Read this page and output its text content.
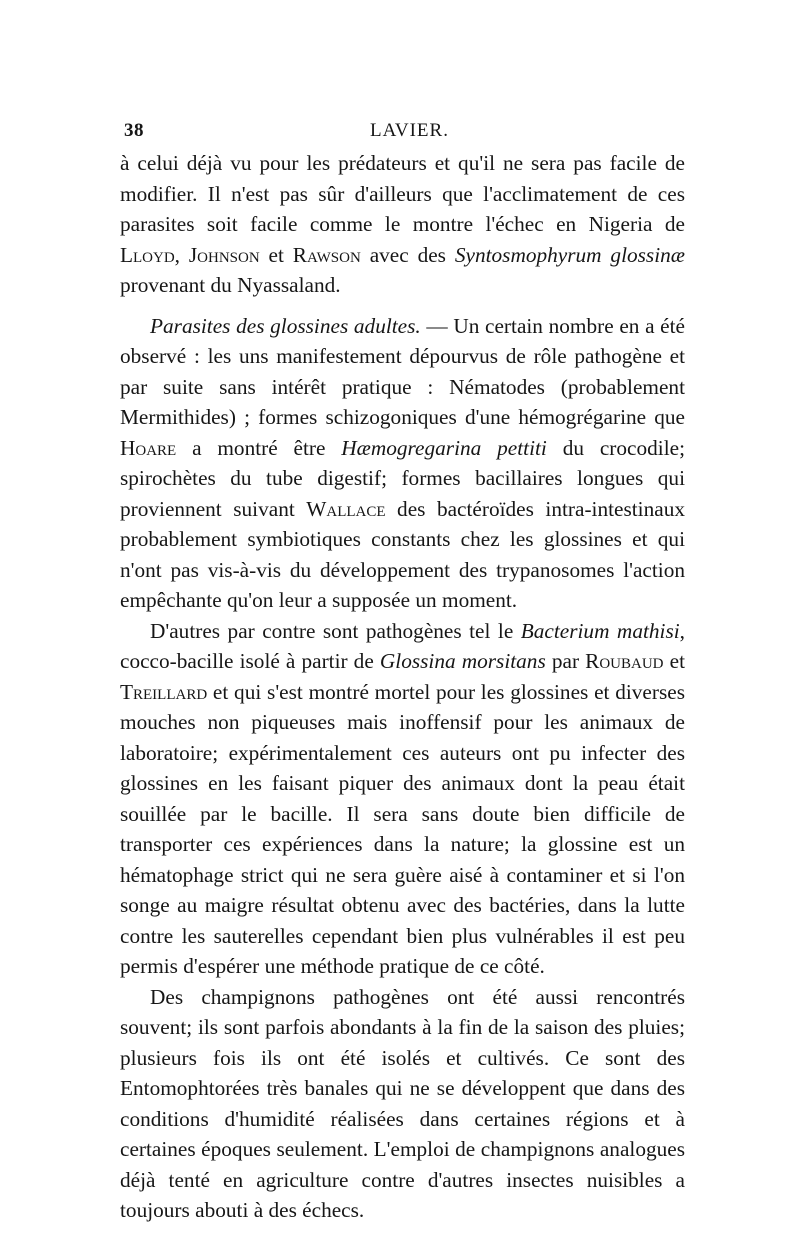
38	LAVIER.

à celui déjà vu pour les prédateurs et qu'il ne sera pas facile de modifier. Il n'est pas sûr d'ailleurs que l'acclimatement de ces parasites soit facile comme le montre l'échec en Nigeria de Lloyd, Johnson et Rawson avec des Syntosmophyrum glossinæ provenant du Nyassaland.

Parasites des glossines adultes. — Un certain nombre en a été observé : les uns manifestement dépourvus de rôle pathogène et par suite sans intérêt pratique : Nématodes (probablement Mermithides) ; formes schizogoniques d'une hémogrégarine que Hoare a montré être Hæmogregarina pettiti du crocodile; spirochètes du tube digestif; formes bacillaires longues qui proviennent suivant Wallace des bactéroïdes intra-intestinaux probablement symbiotiques constants chez les glossines et qui n'ont pas vis-à-vis du développement des trypanosomes l'action empêchante qu'on leur a supposée un moment.

D'autres par contre sont pathogènes tel le Bacterium mathisi, cocco-bacille isolé à partir de Glossina morsitans par Roubaud et Treillard et qui s'est montré mortel pour les glossines et diverses mouches non piqueuses mais inoffensif pour les animaux de laboratoire; expérimentalement ces auteurs ont pu infecter des glossines en les faisant piquer des animaux dont la peau était souillée par le bacille. Il sera sans doute bien difficile de transporter ces expériences dans la nature; la glossine est un hématophage strict qui ne sera guère aisé à contaminer et si l'on songe au maigre résultat obtenu avec des bactéries, dans la lutte contre les sauterelles cependant bien plus vulnérables il est peu permis d'espérer une méthode pratique de ce côté.

Des champignons pathogènes ont été aussi rencontrés souvent; ils sont parfois abondants à la fin de la saison des pluies; plusieurs fois ils ont été isolés et cultivés. Ce sont des Entomophtorées très banales qui ne se développent que dans des conditions d'humidité réalisées dans certaines régions et à certaines époques seulement. L'emploi de champignons analogues déjà tenté en agriculture contre d'autres insectes nuisibles a toujours abouti à des échecs.
